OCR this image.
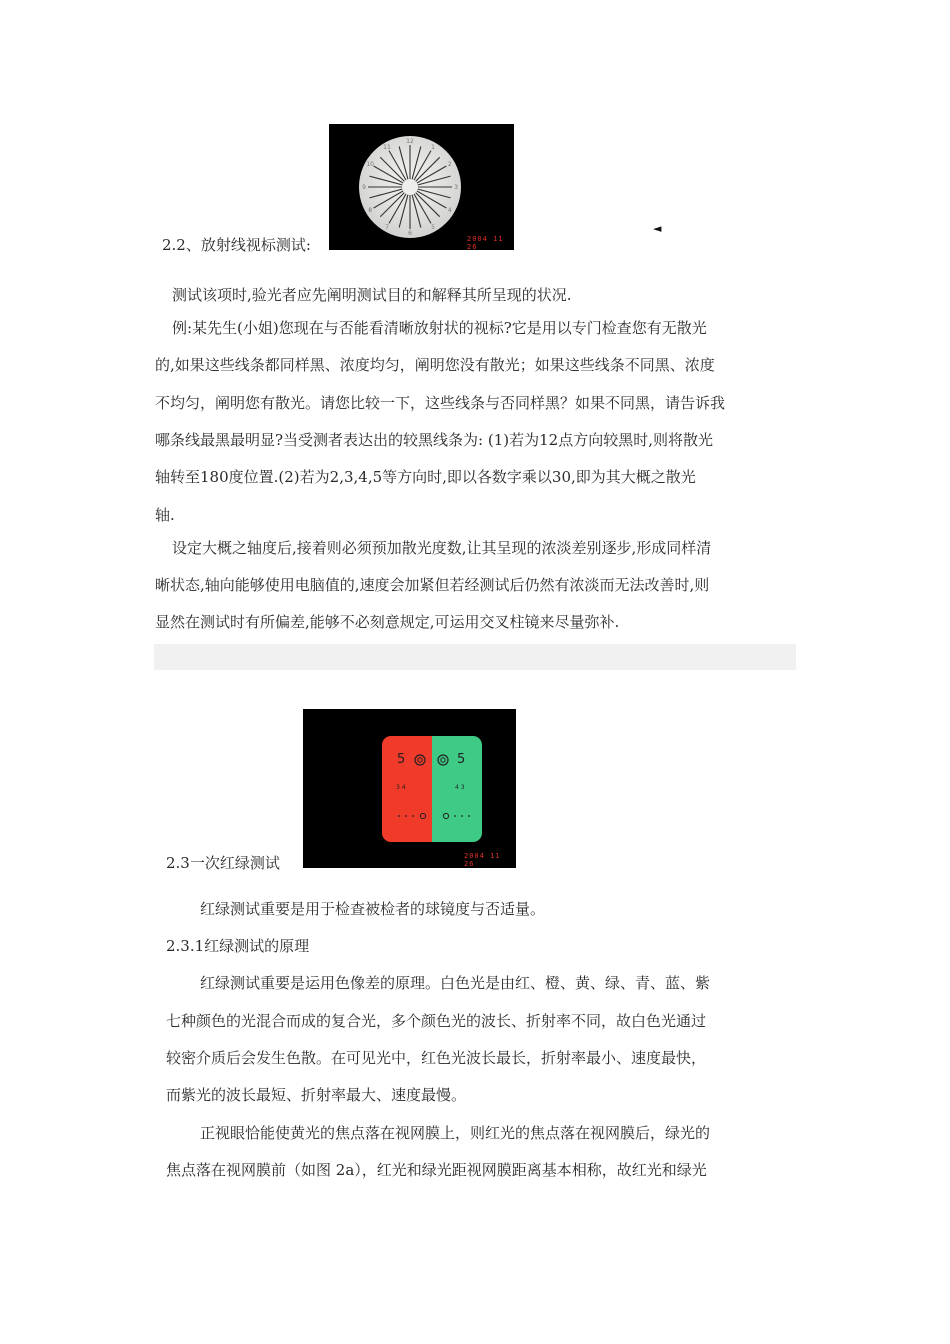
12
1
2
3
4
5
6
7
8
9
10
11
2004 11 26
2.2、放射线视标测试:
◄
测试该项时,验光者应先阐明测试目的和解释其所呈现的状况.
例:某先生(小姐)您现在与否能看清晰放射状的视标?它是用以专门检查您有无散光
的,如果这些线条都同样黑、浓度均匀，阐明您没有散光；如果这些线条不同黑、浓度
不均匀，阐明您有散光。请您比较一下，这些线条与否同样黑？如果不同黑，请告诉我
哪条线最黑最明显?当受测者表达出的较黑线条为: (1)若为12点方向较黑时,则将散光
轴转至180度位置.(2)若为2,3,4,5等方向时,即以各数字乘以30,即为其大概之散光
轴.
设定大概之轴度后,接着则必须预加散光度数,让其呈现的浓淡差别逐步,形成同样清
晰状态,轴向能够使用电脑值的,速度会加紧但若经测试后仍然有浓淡而无法改善时,则
显然在测试时有所偏差,能够不必刻意规定,可运用交叉柱镜来尽量弥补.
5	5
3 4	4 3
2004 11 26
2.3一次红绿测试
红绿测试重要是用于检查被检者的球镜度与否适量。
2.3.1红绿测试的原理
红绿测试重要是运用色像差的原理。白色光是由红、橙、黄、绿、青、蓝、紫
七种颜色的光混合而成的复合光，多个颜色光的波长、折射率不同，故白色光通过
较密介质后会发生色散。在可见光中，红色光波长最长，折射率最小、速度最快，
而紫光的波长最短、折射率最大、速度最慢。
正视眼恰能使黄光的焦点落在视网膜上，则红光的焦点落在视网膜后，绿光的
焦点落在视网膜前（如图 2a），红光和绿光距视网膜距离基本相称，故红光和绿光
